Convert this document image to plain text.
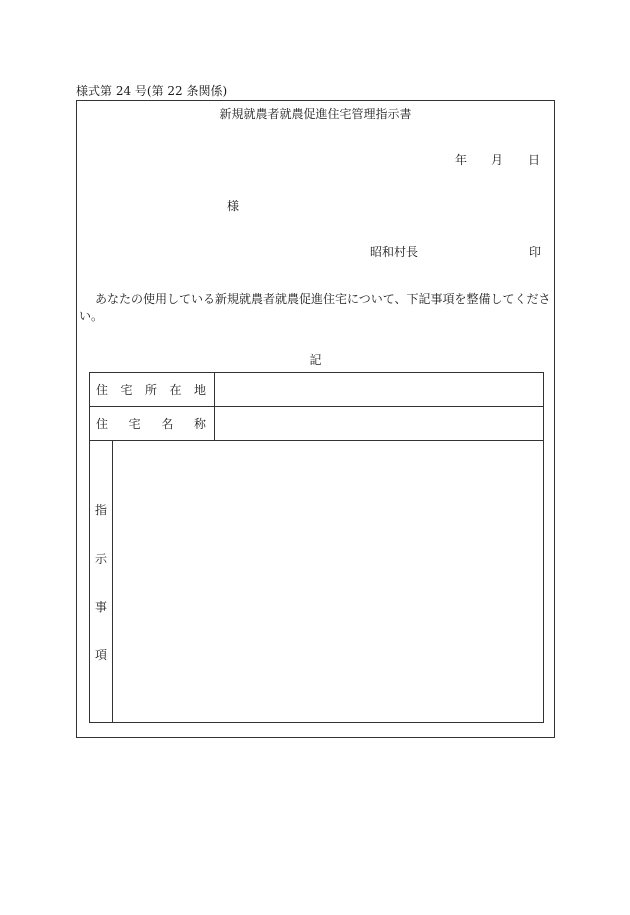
様式第 24 号(第 22 条関係)
新規就農者就農促進住宅管理指示書
年 月 日
様
昭和村長	印
あなたの使用している新規就農者就農促進住宅について、下記事項を整備してください。
記
住 宅 所 在 地
住 宅 名 称
指
示
事
項
